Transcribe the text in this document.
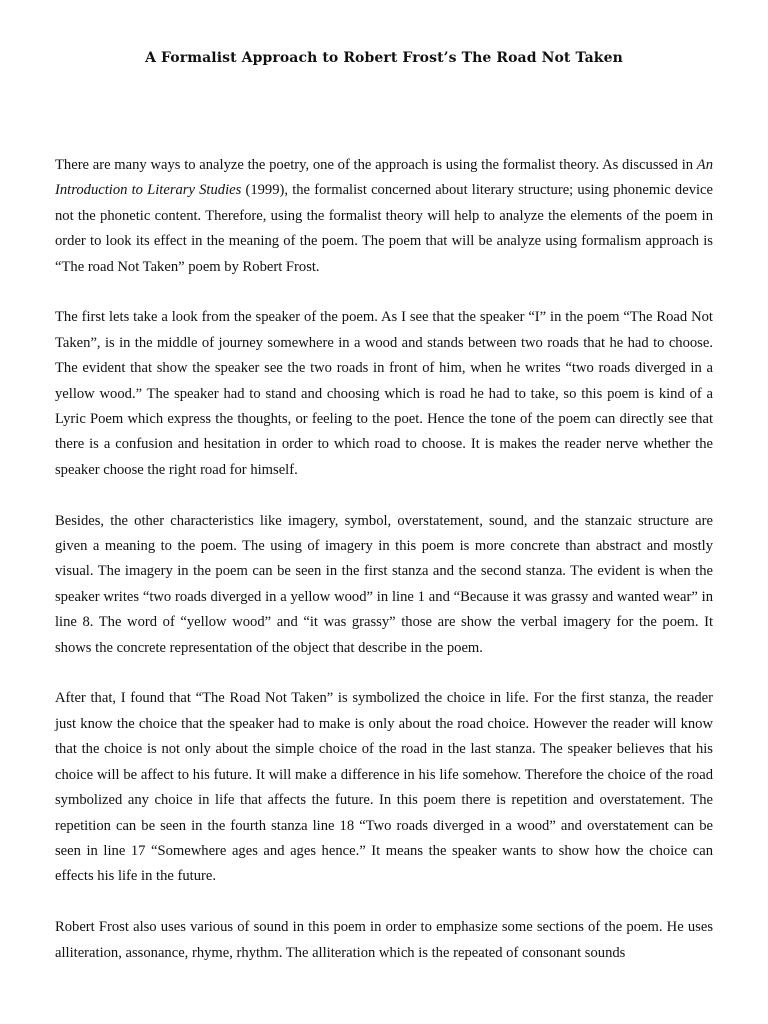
A Formalist Approach to Robert Frost’s The Road Not Taken

There are many ways to analyze the poetry, one of the approach is using the formalist theory. As discussed in An Introduction to Literary Studies (1999), the formalist concerned about literary structure; using phonemic device not the phonetic content. Therefore, using the formalist theory will help to analyze the elements of the poem in order to look its effect in the meaning of the poem. The poem that will be analyze using formalism approach is “The road Not Taken” poem by Robert Frost.

The first lets take a look from the speaker of the poem. As I see that the speaker “I” in the poem “The Road Not Taken”, is in the middle of journey somewhere in a wood and stands between two roads that he had to choose. The evident that show the speaker see the two roads in front of him, when he writes “two roads diverged in a yellow wood.” The speaker had to stand and choosing which is road he had to take, so this poem is kind of a Lyric Poem which express the thoughts, or feeling to the poet. Hence the tone of the poem can directly see that there is a confusion and hesitation in order to which road to choose. It is makes the reader nerve whether the speaker choose the right road for himself.

Besides, the other characteristics like imagery, symbol, overstatement, sound, and the stanzaic structure are given a meaning to the poem. The using of imagery in this poem is more concrete than abstract and mostly visual. The imagery in the poem can be seen in the first stanza and the second stanza. The evident is when the speaker writes “two roads diverged in a yellow wood” in line 1 and “Because it was grassy and wanted wear” in line 8. The word of “yellow wood” and “it was grassy” those are show the verbal imagery for the poem. It shows the concrete representation of the object that describe in the poem.

After that, I found that “The Road Not Taken” is symbolized the choice in life. For the first stanza, the reader just know the choice that the speaker had to make is only about the road choice. However the reader will know that the choice is not only about the simple choice of the road in the last stanza. The speaker believes that his choice will be affect to his future. It will make a difference in his life somehow. Therefore the choice of the road symbolized any choice in life that affects the future. In this poem there is repetition and overstatement. The repetition can be seen in the fourth stanza line 18 “Two roads diverged in a wood” and overstatement can be seen in line 17 “Somewhere ages and ages hence.” It means the speaker wants to show how the choice can effects his life in the future.

Robert Frost also uses various of sound in this poem in order to emphasize some sections of the poem. He uses alliteration, assonance, rhyme, rhythm. The alliteration which is the repeated of consonant sounds
